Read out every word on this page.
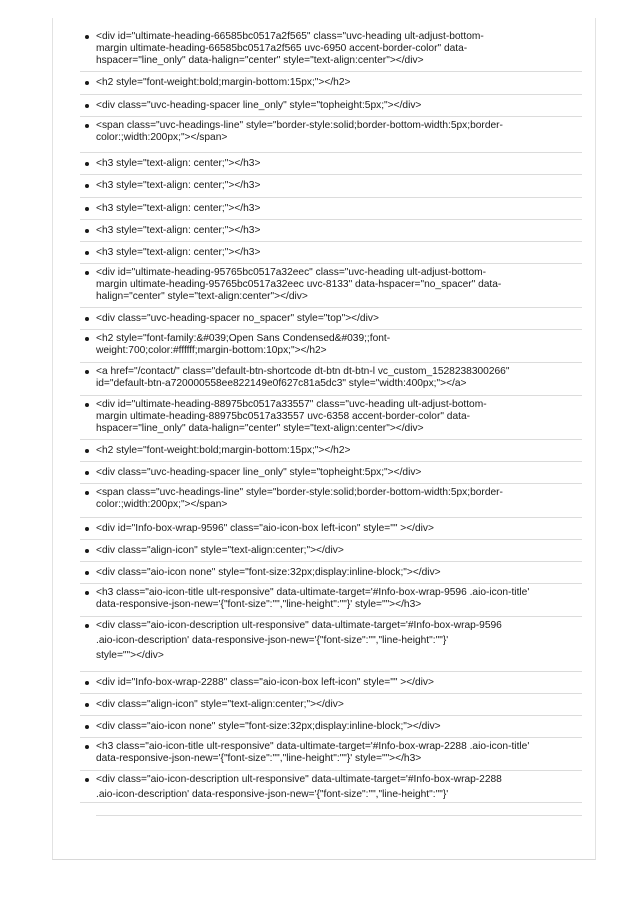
<div id="ultimate-heading-66585bc0517a2f565" class="uvc-heading ult-adjust-bottom-
margin ultimate-heading-66585bc0517a2f565 uvc-6950 accent-border-color" data-
hspacer="line_only" data-halign="center" style="text-align:center"></div>
<h2 style="font-weight:bold;margin-bottom:15px;"></h2>
<div class="uvc-heading-spacer line_only" style="topheight:5px;"></div>
<span class="uvc-headings-line" style="border-style:solid;border-bottom-width:5px;border-
color:;width:200px;"></span>
<h3 style="text-align: center;"></h3>
<h3 style="text-align: center;"></h3>
<h3 style="text-align: center;"></h3>
<h3 style="text-align: center;"></h3>
<h3 style="text-align: center;"></h3>
<div id="ultimate-heading-95765bc0517a32eec" class="uvc-heading ult-adjust-bottom-
margin ultimate-heading-95765bc0517a32eec uvc-8133" data-hspacer="no_spacer" data-
halign="center" style="text-align:center"></div>
<div class="uvc-heading-spacer no_spacer" style="top"></div>
<h2 style="font-family:&#039;Open Sans Condensed&#039;;font-
weight:700;color:#ffffff;margin-bottom:10px;"></h2>
<a href="/contact/" class="default-btn-shortcode dt-btn dt-btn-l vc_custom_1528238300266"
id="default-btn-a720000558ee822149e0f627c81a5dc3" style="width:400px;"></a>
<div id="ultimate-heading-88975bc0517a33557" class="uvc-heading ult-adjust-bottom-
margin ultimate-heading-88975bc0517a33557 uvc-6358 accent-border-color" data-
hspacer="line_only" data-halign="center" style="text-align:center"></div>
<h2 style="font-weight:bold;margin-bottom:15px;"></h2>
<div class="uvc-heading-spacer line_only" style="topheight:5px;"></div>
<span class="uvc-headings-line" style="border-style:solid;border-bottom-width:5px;border-
color:;width:200px;"></span>
<div id="Info-box-wrap-9596" class="aio-icon-box left-icon" style="" ></div>
<div class="align-icon" style="text-align:center;"></div>
<div class="aio-icon none" style="font-size:32px;display:inline-block;"></div>
<h3 class="aio-icon-title ult-responsive" data-ultimate-target='#Info-box-wrap-9596 .aio-icon-title'
data-responsive-json-new='{"font-size":"","line-height":""}' style=""></h3>
<div class="aio-icon-description ult-responsive" data-ultimate-target='#Info-box-wrap-9596
.aio-icon-description' data-responsive-json-new='{"font-size":"","line-height":""}'
style=""></div>
<div id="Info-box-wrap-2288" class="aio-icon-box left-icon" style="" ></div>
<div class="align-icon" style="text-align:center;"></div>
<div class="aio-icon none" style="font-size:32px;display:inline-block;"></div>
<h3 class="aio-icon-title ult-responsive" data-ultimate-target='#Info-box-wrap-2288 .aio-icon-title'
data-responsive-json-new='{"font-size":"","line-height":""}' style=""></h3>
<div class="aio-icon-description ult-responsive" data-ultimate-target='#Info-box-wrap-2288
.aio-icon-description' data-responsive-json-new='{"font-size":"","line-height":""}'
